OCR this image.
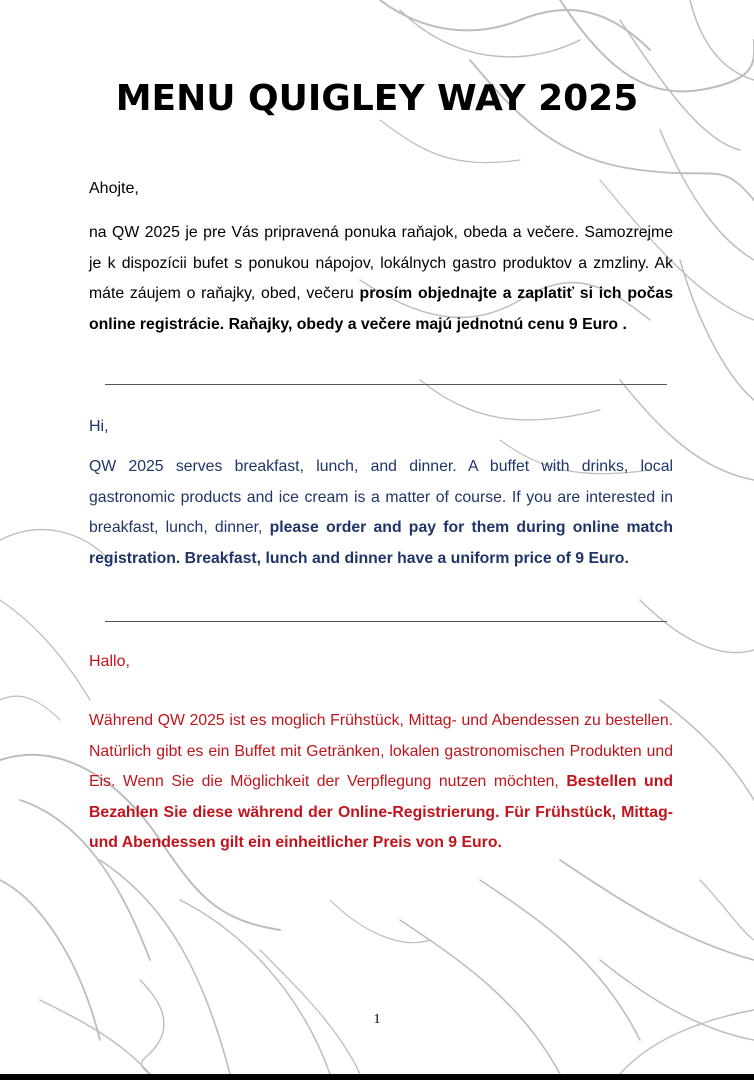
MENU QUIGLEY WAY 2025

Ahojte,

na QW 2025 je pre Vás pripravená ponuka raňajok, obeda a večere. Samozrejme je k dispozícii bufet s ponukou nápojov, lokálnych gastro produktov a zmzliny. Ak máte záujem o raňajky, obed, večeru prosím objednajte a zaplatiť si ich počas online registrácie. Raňajky, obedy a večere majú jednotnú cenu 9 Euro .

Hi,

QW 2025 serves breakfast, lunch, and dinner. A buffet with drinks, local gastronomic products and ice cream is a matter of course. If you are interested in breakfast, lunch, dinner, please order and pay for them during online match registration. Breakfast, lunch and dinner have a uniform price of 9 Euro.

Hallo,

Während QW 2025 ist es moglich Frühstück, Mittag- und Abendessen zu bestellen. Natürlich gibt es ein Buffet mit Getränken, lokalen gastronomischen Produkten und Eis. Wenn Sie die Möglichkeit der Verpflegung nutzen möchten, Bestellen und Bezahlen Sie diese während der Online-Registrierung. Für Frühstück, Mittag- und Abendessen gilt ein einheitlicher Preis von 9 Euro.

1
